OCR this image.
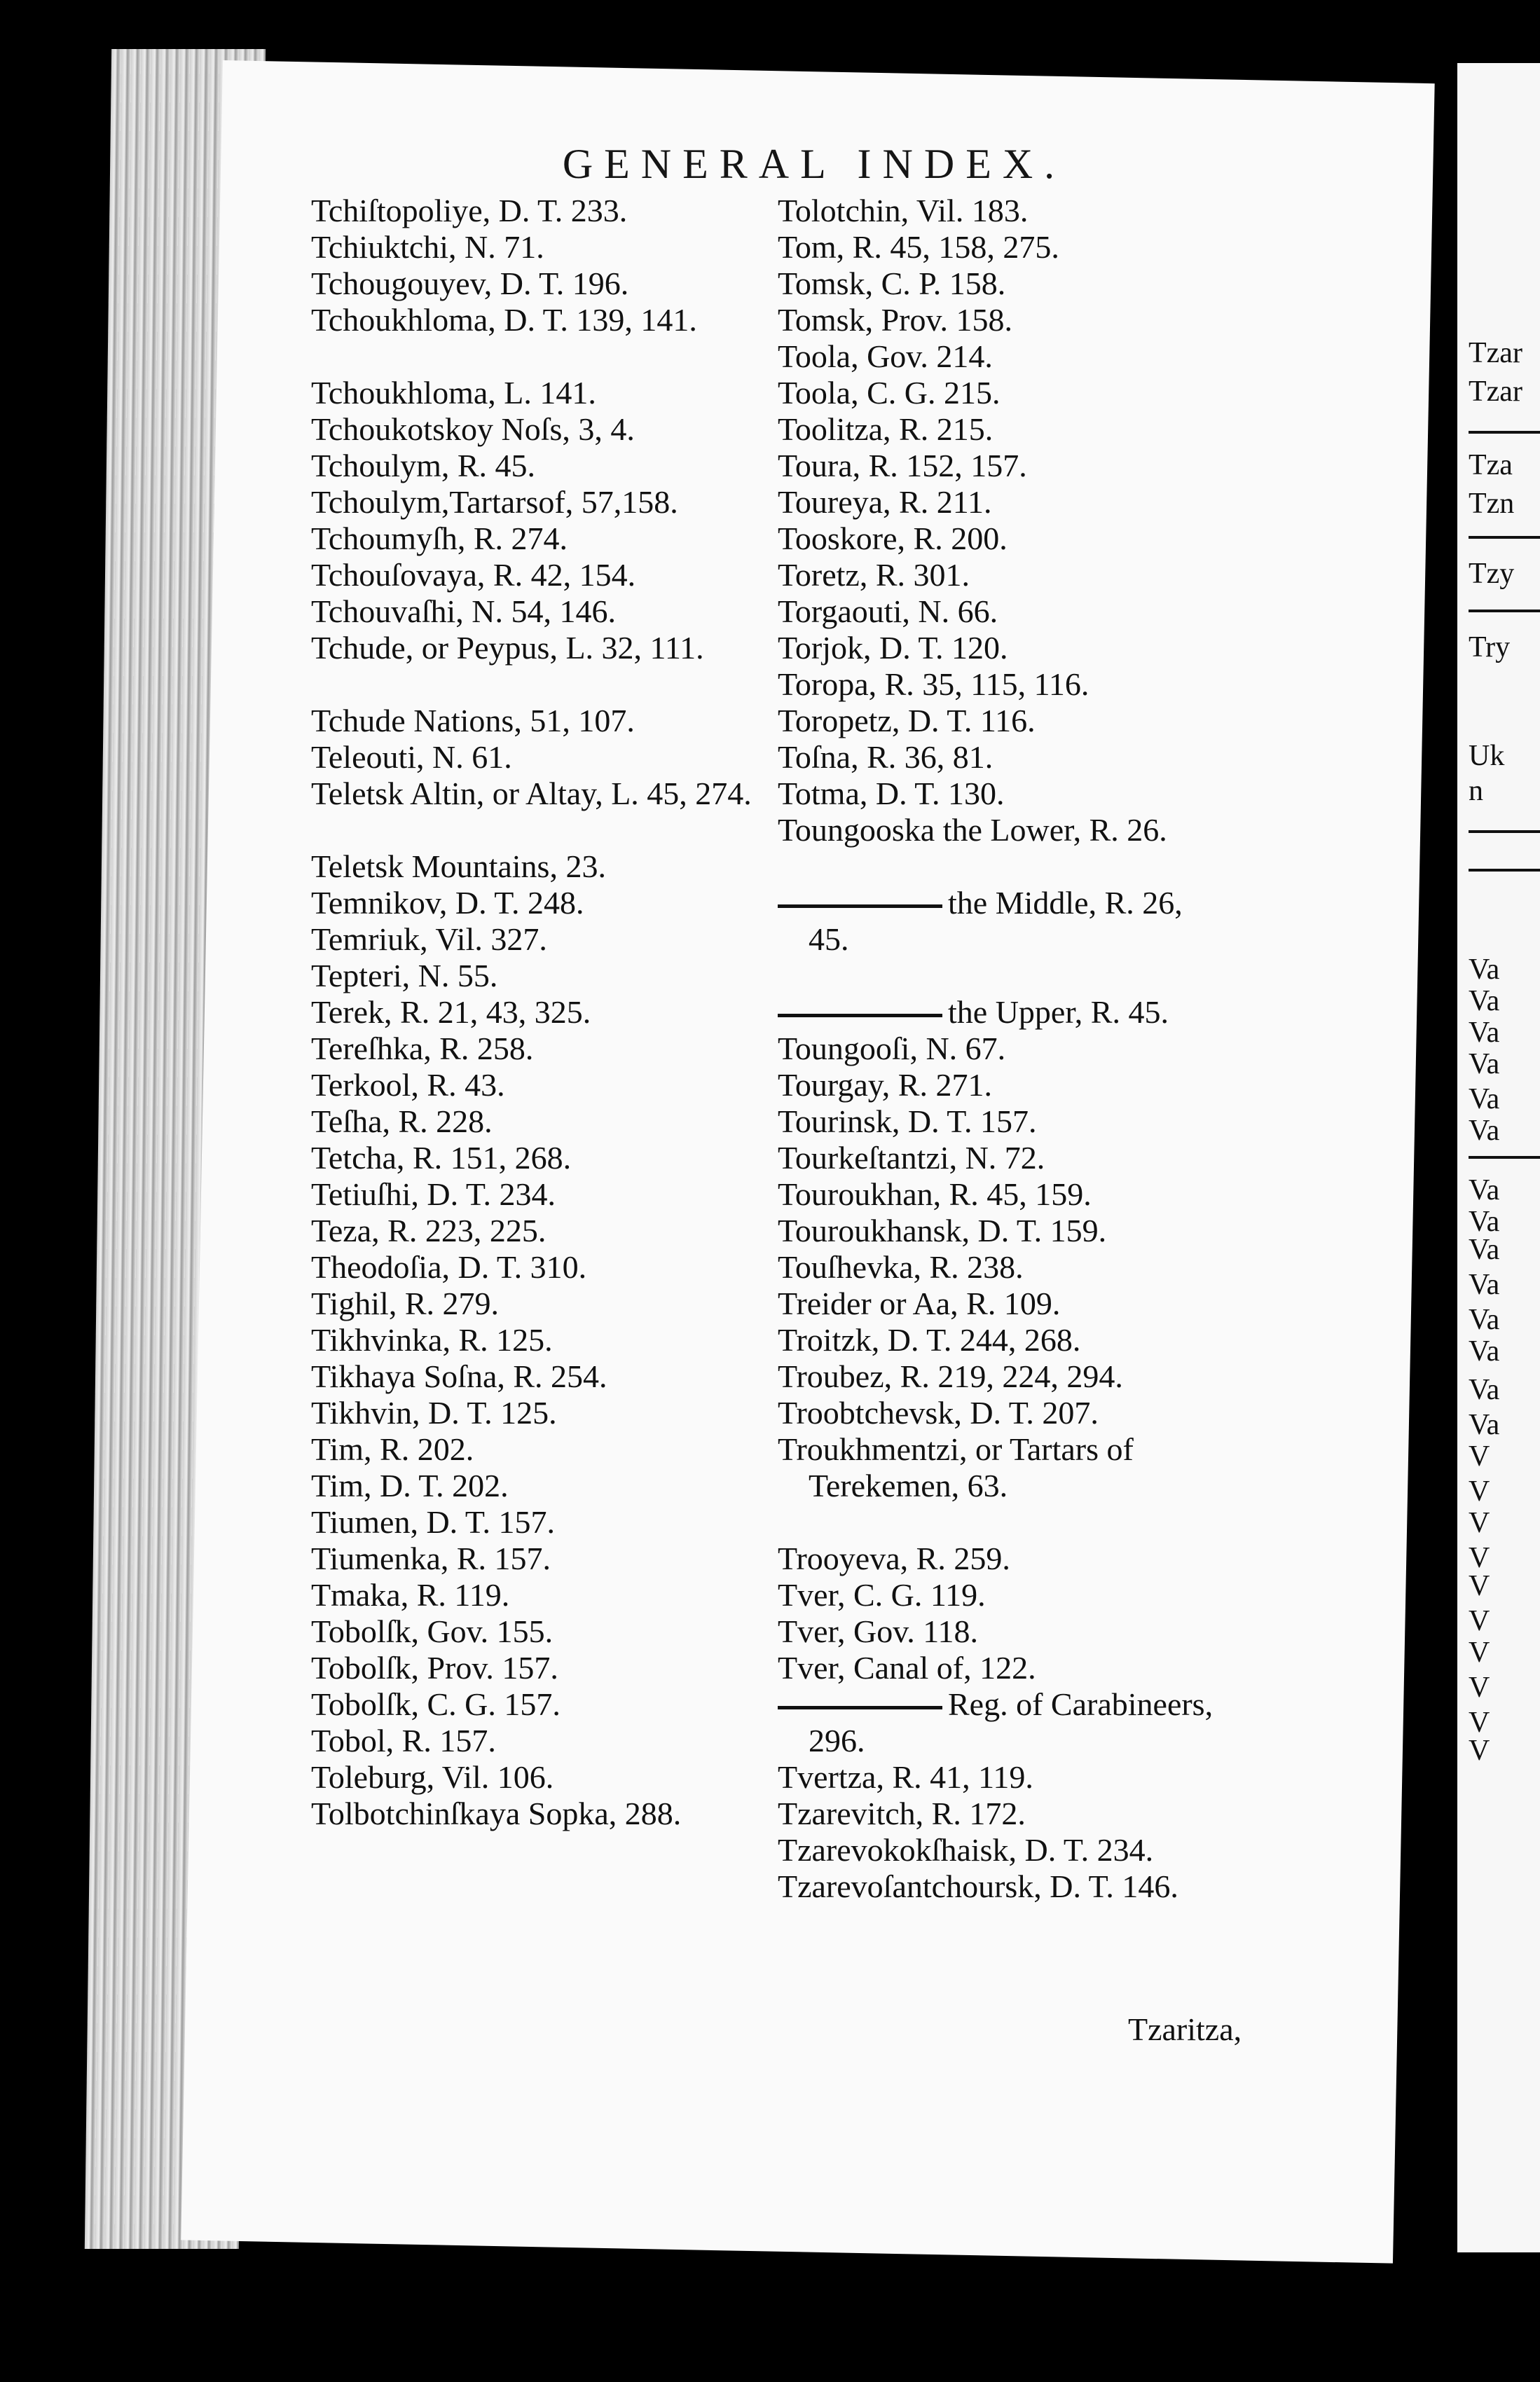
GENERAL INDEX.
Tchiſtopoliye, D. T. 233.
Tchiuktchi, N. 71.
Tchougouyev, D. T. 196.
Tchoukhloma, D. T. 139, 141.
Tchoukhloma, L. 141.
Tchoukotskoy Noſs, 3, 4.
Tchoulym, R. 45.
Tchoulym,Tartarsof, 57,158.
Tchoumyſh, R. 274.
Tchouſovaya, R. 42, 154.
Tchouvaſhi, N. 54, 146.
Tchude, or Peypus, L. 32, 111.
Tchude Nations, 51, 107.
Teleouti, N. 61.
Teletsk Altin, or Altay, L. 45, 274.
Teletsk Mountains, 23.
Temnikov, D. T. 248.
Temriuk, Vil. 327.
Tepteri, N. 55.
Terek, R. 21, 43, 325.
Tereſhka, R. 258.
Terkool, R. 43.
Teſha, R. 228.
Tetcha, R. 151, 268.
Tetiuſhi, D. T. 234.
Teza, R. 223, 225.
Theodoſia, D. T. 310.
Tighil, R. 279.
Tikhvinka, R. 125.
Tikhaya Soſna, R. 254.
Tikhvin, D. T. 125.
Tim, R. 202.
Tim, D. T. 202.
Tiumen, D. T. 157.
Tiumenka, R. 157.
Tmaka, R. 119.
Tobolſk, Gov. 155.
Tobolſk, Prov. 157.
Tobolſk, C. G. 157.
Tobol, R. 157.
Toleburg, Vil. 106.
Tolbotchinſkaya Sopka, 288.
Tolotchin, Vil. 183.
Tom, R. 45, 158, 275.
Tomsk, C. P. 158.
Tomsk, Prov. 158.
Toola, Gov. 214.
Toola, C. G. 215.
Toolitza, R. 215.
Toura, R. 152, 157.
Toureya, R. 211.
Tooskore, R. 200.
Toretz, R. 301.
Torgaouti, N. 66.
Torjok, D. T. 120.
Toropa, R. 35, 115, 116.
Toropetz, D. T. 116.
Toſna, R. 36, 81.
Totma, D. T. 130.
Toungooska the Lower, R. 26.
the Middle, R. 26, 45.
the Upper, R. 45.
Toungooſi, N. 67.
Tourgay, R. 271.
Tourinsk, D. T. 157.
Tourkeſtantzi, N. 72.
Touroukhan, R. 45, 159.
Touroukhansk, D. T. 159.
Touſhevka, R. 238.
Treider or Aa, R. 109.
Troitzk, D. T. 244, 268.
Troubez, R. 219, 224, 294.
Troobtchevsk, D. T. 207.
Troukhmentzi, or Tartars of Terekemen, 63.
Trooyeva, R. 259.
Tver, C. G. 119.
Tver, Gov. 118.
Tver, Canal of, 122.
Reg. of Carabineers, 296.
Tvertza, R. 41, 119.
Tzarevitch, R. 172.
Tzarevokokſhaisk, D. T. 234.
Tzarevoſantchoursk, D. T. 146.

Tzaritza,

Tzar
Tzar
Tza
Tzn
Tzy
Try
Uk
n
Va
Va
Va
Va
Va
Va
Va
Va
Va
Va
Va
Va
Va
Va
V
V
V
V
V
V
V
V
V
V
